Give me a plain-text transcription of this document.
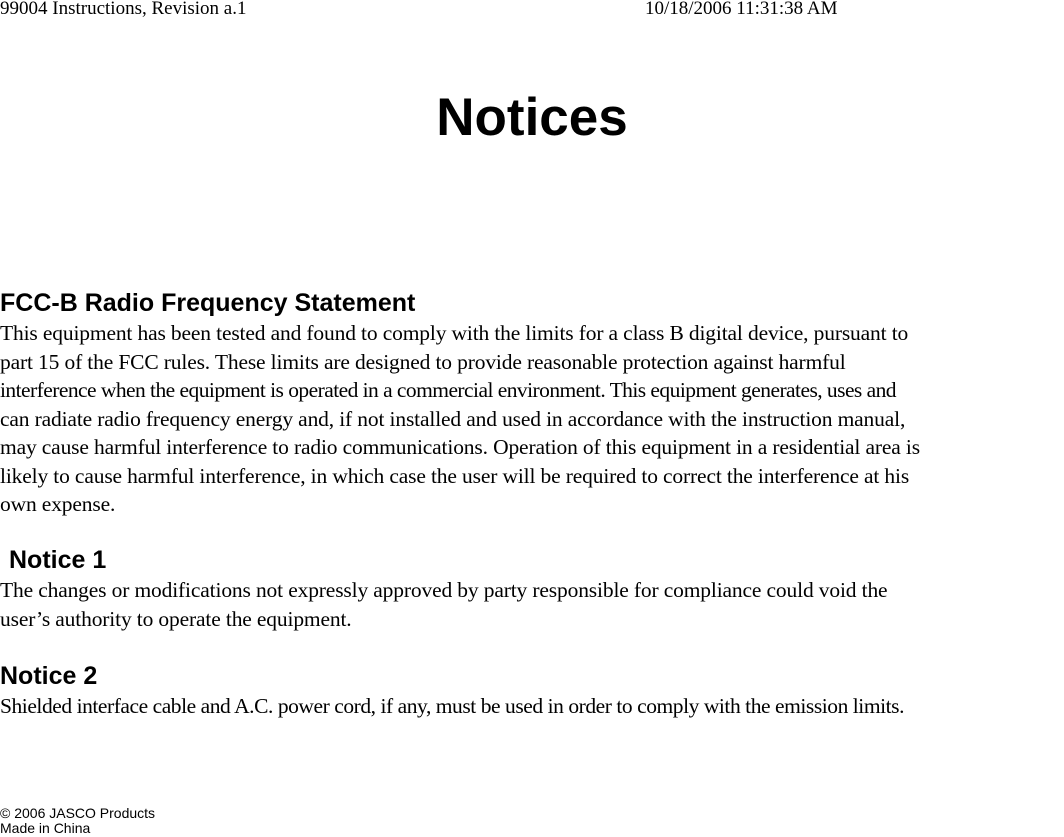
99004 Instructions, Revision a.1	10/18/2006 11:31:38 AM
Notices
FCC-B Radio Frequency Statement

This equipment has been tested and found to comply with the limits for a class B digital device, pursuant to
part 15 of the FCC rules. These limits are designed to provide reasonable protection against harmful
interference when the equipment is operated in a commercial environment. This equipment generates, uses and
can radiate radio frequency energy and, if not installed and used in accordance with the instruction manual,
may cause harmful interference to radio communications. Operation of this equipment in a residential area is
likely to cause harmful interference, in which case the user will be required to correct the interference at his
own expense.

Notice 1

The changes or modifications not expressly approved by party responsible for compliance could void the
user’s authority to operate the equipment.

Notice 2

Shielded interface cable and A.C. power cord, if any, must be used in order to comply with the emission limits.

© 2006 JASCO Products
Made in China
